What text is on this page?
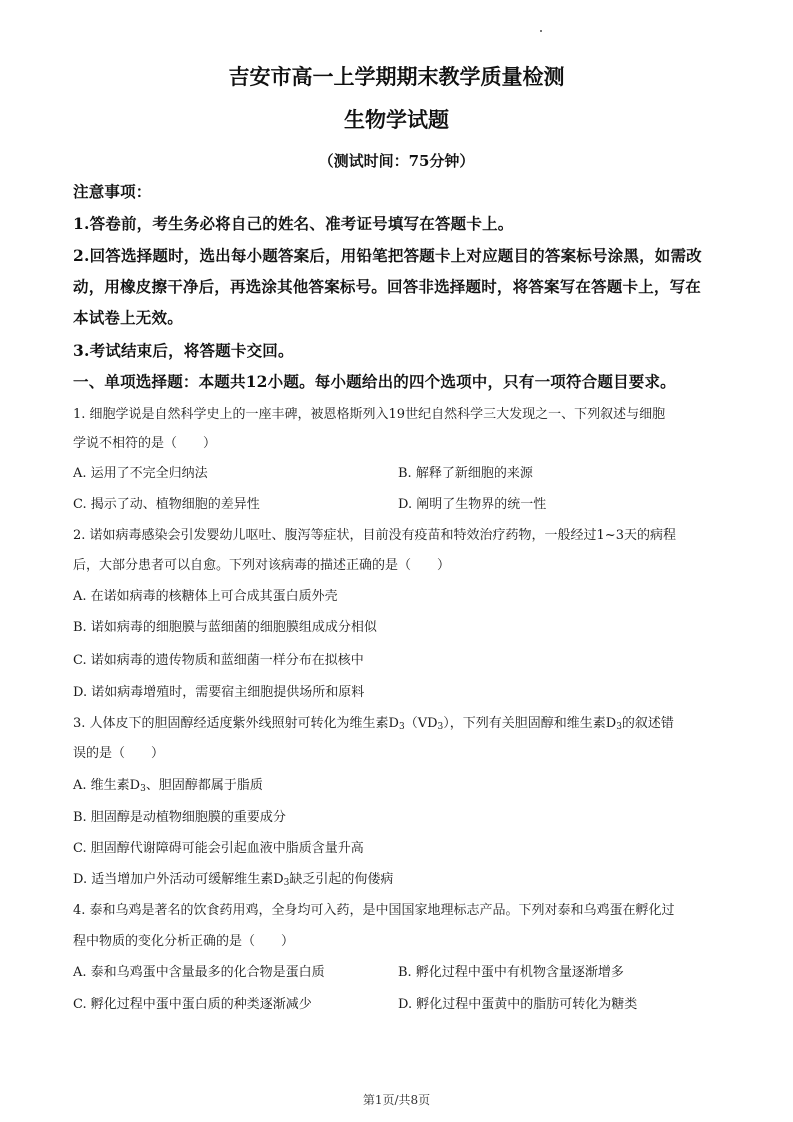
吉安市高一上学期期末教学质量检测
生物学试题
（测试时间：75分钟）
注意事项：
1.答卷前，考生务必将自己的姓名、准考证号填写在答题卡上。
2.回答选择题时，选出每小题答案后，用铅笔把答题卡上对应题目的答案标号涂黑，如需改
动，用橡皮擦干净后，再选涂其他答案标号。回答非选择题时，将答案写在答题卡上，写在
本试卷上无效。
3.考试结束后，将答题卡交回。
一、单项选择题：本题共12小题。每小题给出的四个选项中，只有一项符合题目要求。
1. 细胞学说是自然科学史上的一座丰碑，被恩格斯列入19世纪自然科学三大发现之一、下列叙述与细胞
学说不相符的是（　　）
A. 运用了不完全归纳法	B. 解释了新细胞的来源
C. 揭示了动、植物细胞的差异性	D. 阐明了生物界的统一性
2. 诺如病毒感染会引发婴幼儿呕吐、腹泻等症状，目前没有疫苗和特效治疗药物，一般经过1~3天的病程
后，大部分患者可以自愈。下列对该病毒的描述正确的是（　　）
A. 在诺如病毒的核糖体上可合成其蛋白质外壳
B. 诺如病毒的细胞膜与蓝细菌的细胞膜组成成分相似
C. 诺如病毒的遗传物质和蓝细菌一样分布在拟核中
D. 诺如病毒增殖时，需要宿主细胞提供场所和原料
3. 人体皮下的胆固醇经适度紫外线照射可转化为维生素$D_3(VD_3)$，下列有关胆固醇和维生素$D_3$的叙述错
误的是（　　）
A. 维生素$D_3$、胆固醇都属于脂质
B. 胆固醇是动植物细胞膜的重要成分
C. 胆固醇代谢障碍可能会引起血液中脂质含量升高
D. 适当增加户外活动可缓解维生素$D_3$缺乏引起的佝偻病
4. 泰和乌鸡是著名的饮食药用鸡，全身均可入药，是中国国家地理标志产品。下列对泰和乌鸡蛋在孵化过
程中物质的变化分析正确的是（　　）
A. 泰和乌鸡蛋中含量最多的化合物是蛋白质	B. 孵化过程中蛋中有机物含量逐渐增多
C. 孵化过程中蛋中蛋白质的种类逐渐减少	D. 孵化过程中蛋黄中的脂肪可转化为糖类
第1页/共8页
